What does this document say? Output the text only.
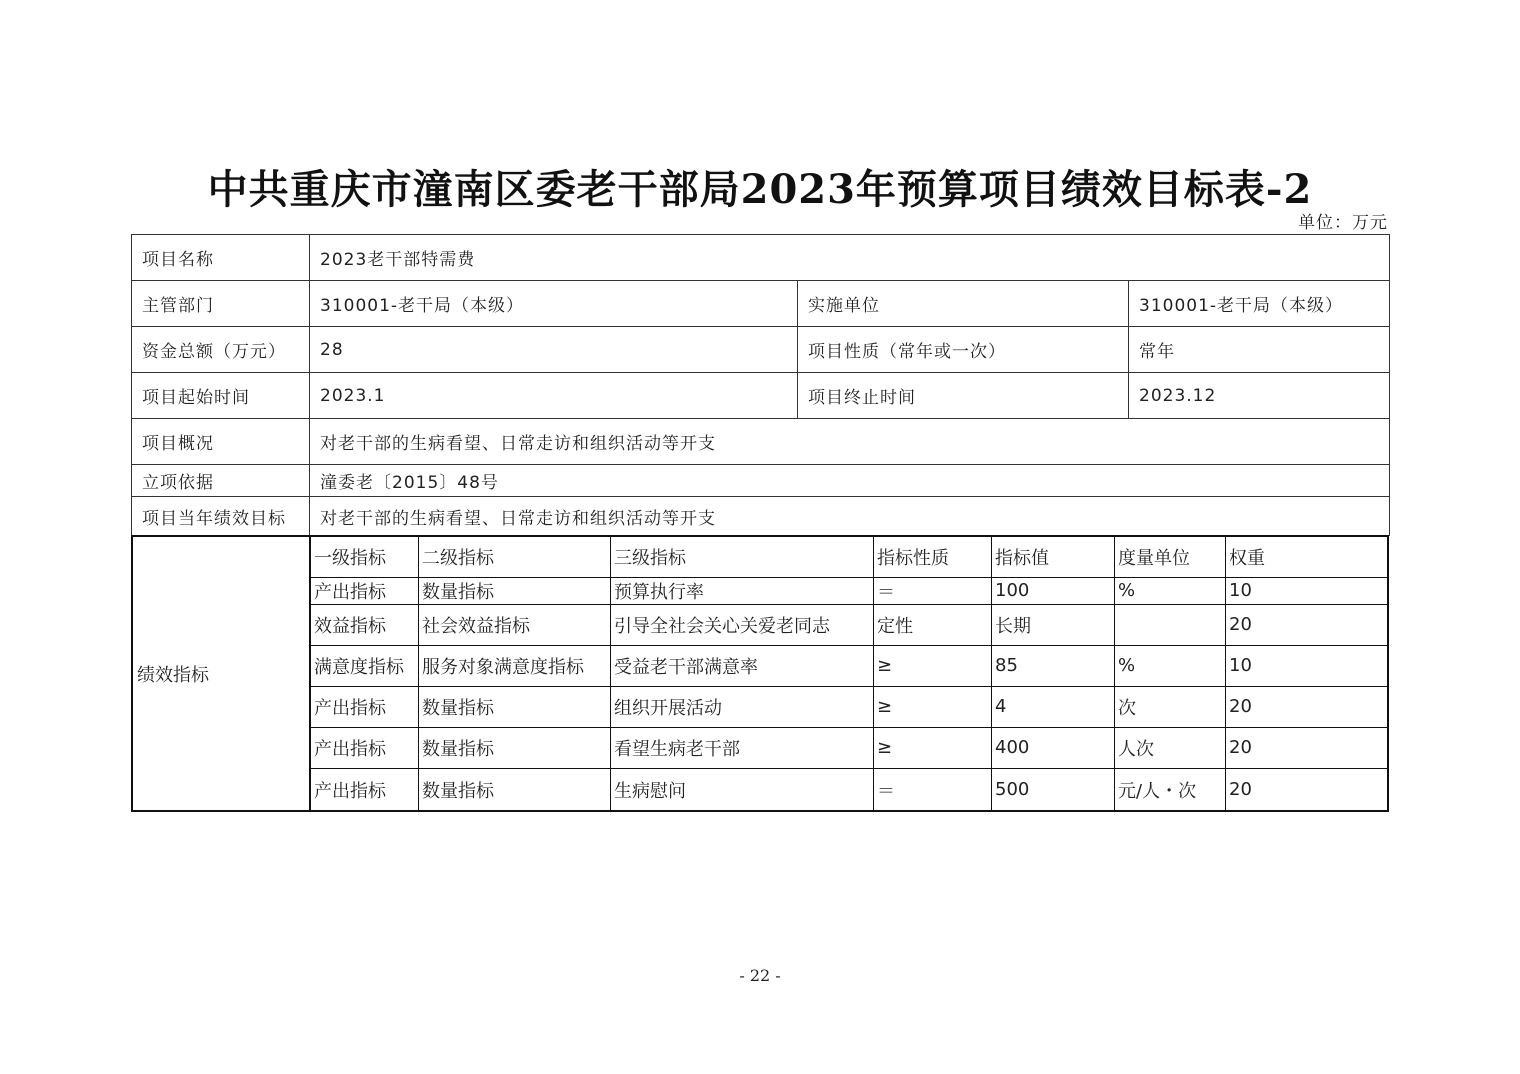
中共重庆市潼南区委老干部局2023年预算项目绩效目标表-2
单位：万元
项目名称	2023老干部特需费		
主管部门	310001-老干局（本级）	实施单位	310001-老干局（本级）
资金总额（万元）	28	项目性质（常年或一次）	常年
项目起始时间	2023.1	项目终止时间	2023.12
项目概况	对老干部的生病看望、日常走访和组织活动等开支		
立项依据	潼委老〔2015〕48号		
项目当年绩效目标	对老干部的生病看望、日常走访和组织活动等开支		
绩效指标
一级指标	二级指标	三级指标	指标性质	指标值	度量单位	权重
产出指标	数量指标	预算执行率	＝	100	%	10
效益指标	社会效益指标	引导全社会关心关爱老同志	定性	长期		20
满意度指标	服务对象满意度指标	受益老干部满意率	≥	85	%	10
产出指标	数量指标	组织开展活动	≥	4	次	20
产出指标	数量指标	看望生病老干部	≥	400	人次	20
产出指标	数量指标	生病慰问	＝	500	元/人・次	20
- 22 -
